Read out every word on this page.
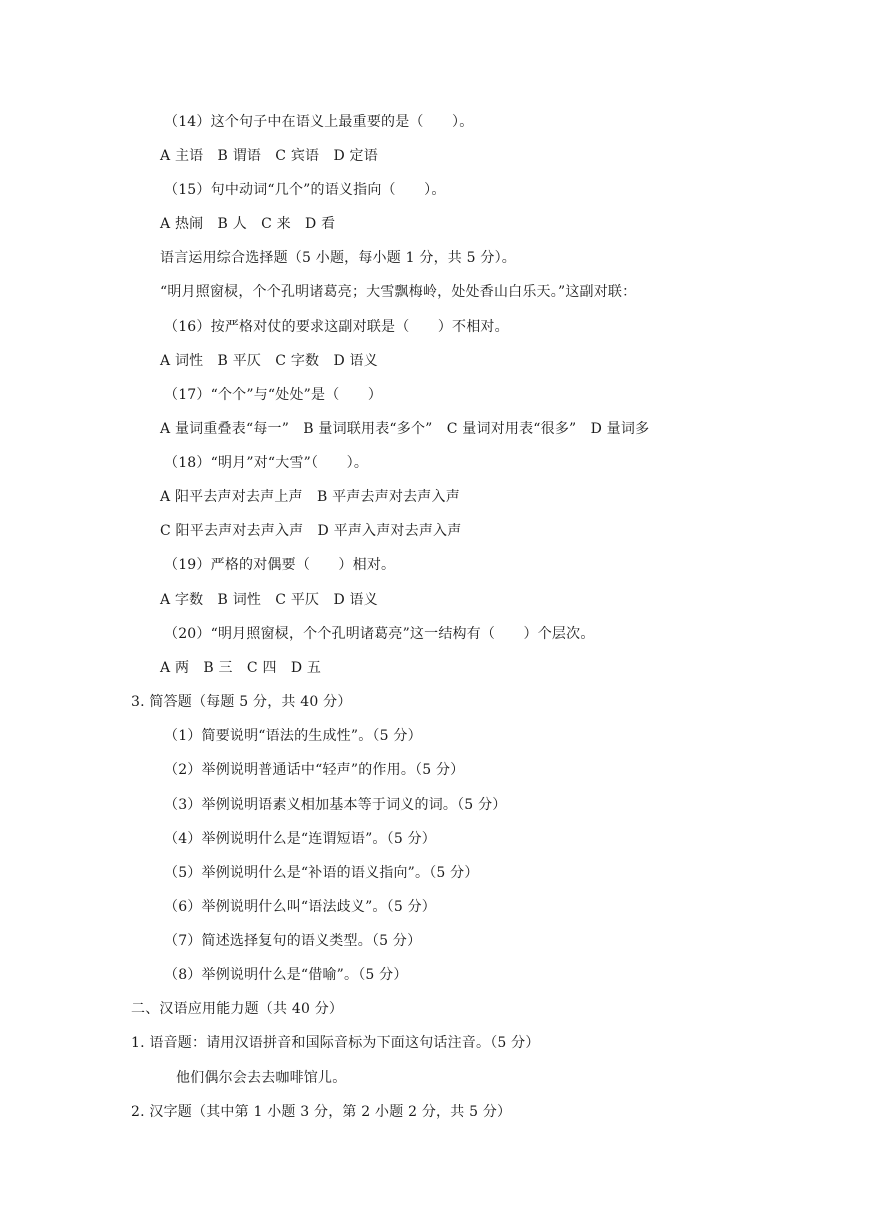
（14）这个句子中在语义上最重要的是（　　）。
A 主语　B 谓语　C 宾语　D 定语
（15）句中动词“几个”的语义指向（　　）。
A 热闹　B 人　C 来　D 看
语言运用综合选择题（5 小题，每小题 1 分，共 5 分）。
“明月照窗棂，个个孔明诸葛亮；大雪飘梅岭，处处香山白乐天。”这副对联：
（16）按严格对仗的要求这副对联是（　　）不相对。
A 词性　B 平仄　C 字数　D 语义
（17）“个个”与“处处”是（　　）
A 量词重叠表“每一”　B 量词联用表“多个”　C 量词对用表“很多”　D 量词多
（18）“明月”对“大雪”（　　）。
A 阳平去声对去声上声　B 平声去声对去声入声
C 阳平去声对去声入声　D 平声入声对去声入声
（19）严格的对偶要（　　）相对。
A 字数　B 词性　C 平仄　D 语义
（20）“明月照窗棂，个个孔明诸葛亮”这一结构有（　　）个层次。
A 两　B 三　C 四　D 五
3. 简答题（每题 5 分，共 40 分）
（1）简要说明“语法的生成性”。（5 分）
（2）举例说明普通话中“轻声”的作用。（5 分）
（3）举例说明语素义相加基本等于词义的词。（5 分）
（4）举例说明什么是“连谓短语”。（5 分）
（5）举例说明什么是“补语的语义指向”。（5 分）
（6）举例说明什么叫“语法歧义”。（5 分）
（7）简述选择复句的语义类型。（5 分）
（8）举例说明什么是“借喻”。（5 分）
二、汉语应用能力题（共 40 分）
1. 语音题：请用汉语拼音和国际音标为下面这句话注音。（5 分）
他们偶尔会去去咖啡馆儿。
2. 汉字题（其中第 1 小题 3 分，第 2 小题 2 分，共 5 分）
